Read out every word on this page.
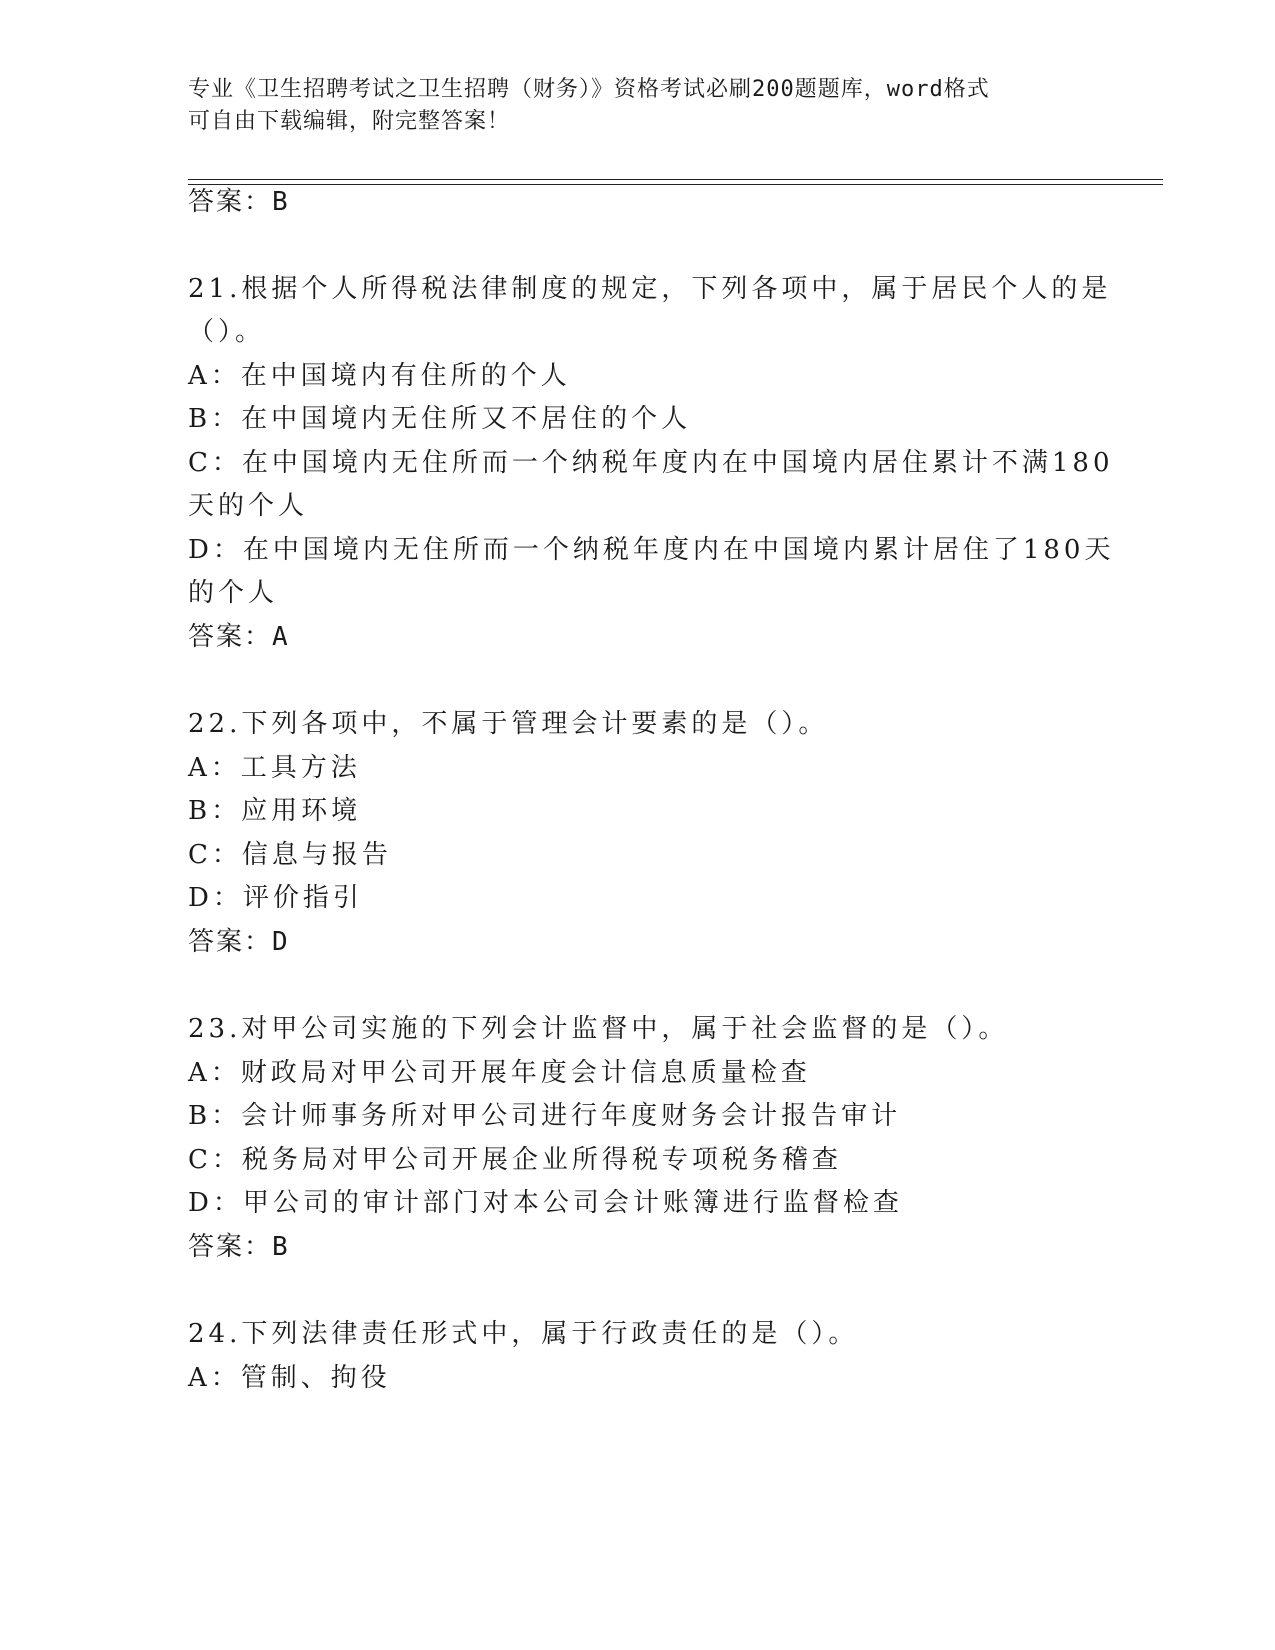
专业《卫生招聘考试之卫生招聘（财务）》资格考试必刷200题题库，word格式
可自由下载编辑，附完整答案！
答案：B
21.根据个人所得税法律制度的规定，下列各项中，属于居民个人的是
（）。
A：在中国境内有住所的个人
B：在中国境内无住所又不居住的个人
C：在中国境内无住所而一个纳税年度内在中国境内居住累计不满180
天的个人
D：在中国境内无住所而一个纳税年度内在中国境内累计居住了180天
的个人
答案：A
22.下列各项中，不属于管理会计要素的是（）。
A：工具方法
B：应用环境
C：信息与报告
D：评价指引
答案：D
23.对甲公司实施的下列会计监督中，属于社会监督的是（）。
A：财政局对甲公司开展年度会计信息质量检查
B：会计师事务所对甲公司进行年度财务会计报告审计
C：税务局对甲公司开展企业所得税专项税务稽查
D：甲公司的审计部门对本公司会计账簿进行监督检查
答案：B
24.下列法律责任形式中，属于行政责任的是（）。
A：管制、拘役
